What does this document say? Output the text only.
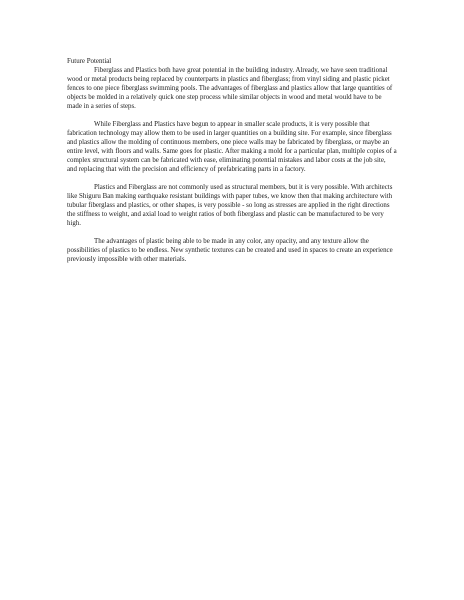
Future Potential

Fiberglass and Plastics both have great potential in the building industry. Already, we have seen traditional wood or metal products being replaced by counterparts in plastics and fiberglass; from vinyl siding and plastic picket fences to one piece fiberglass swimming pools. The advantages of fiberglass and plastics allow that large quantities of objects be molded in a relatively quick one step process while similar objects in wood and metal would have to be made in a series of steps.

While Fiberglass and Plastics have begun to appear in smaller scale products, it is very possible that fabrication technology may allow them to be used in larger quantities on a building site. For example, since fiberglass and plastics allow the molding of continuous members, one piece walls may be fabricated by fiberglass, or maybe an entire level, with floors and walls. Same goes for plastic. After making a mold for a particular plan, multiple copies of a complex structural system can be fabricated with ease, eliminating potential mistakes and labor costs at the job site, and replacing that with the precision and efficiency of prefabricating parts in a factory.

Plastics and Fiberglass are not commonly used as structural members, but it is very possible. With architects like Shiguru Ban making earthquake resistant buildings with paper tubes, we know then that making architecture with tubular fiberglass and plastics, or other shapes, is very possible - so long as stresses are applied in the right directions the stiffness to weight, and axial load to weight ratios of both fiberglass and plastic can be manufactured to be very high.

The advantages of plastic being able to be made in any color, any opacity, and any texture allow the possibilities of plastics to be endless. New synthetic textures can be created and used in spaces to create an experience previously impossible with other materials.
